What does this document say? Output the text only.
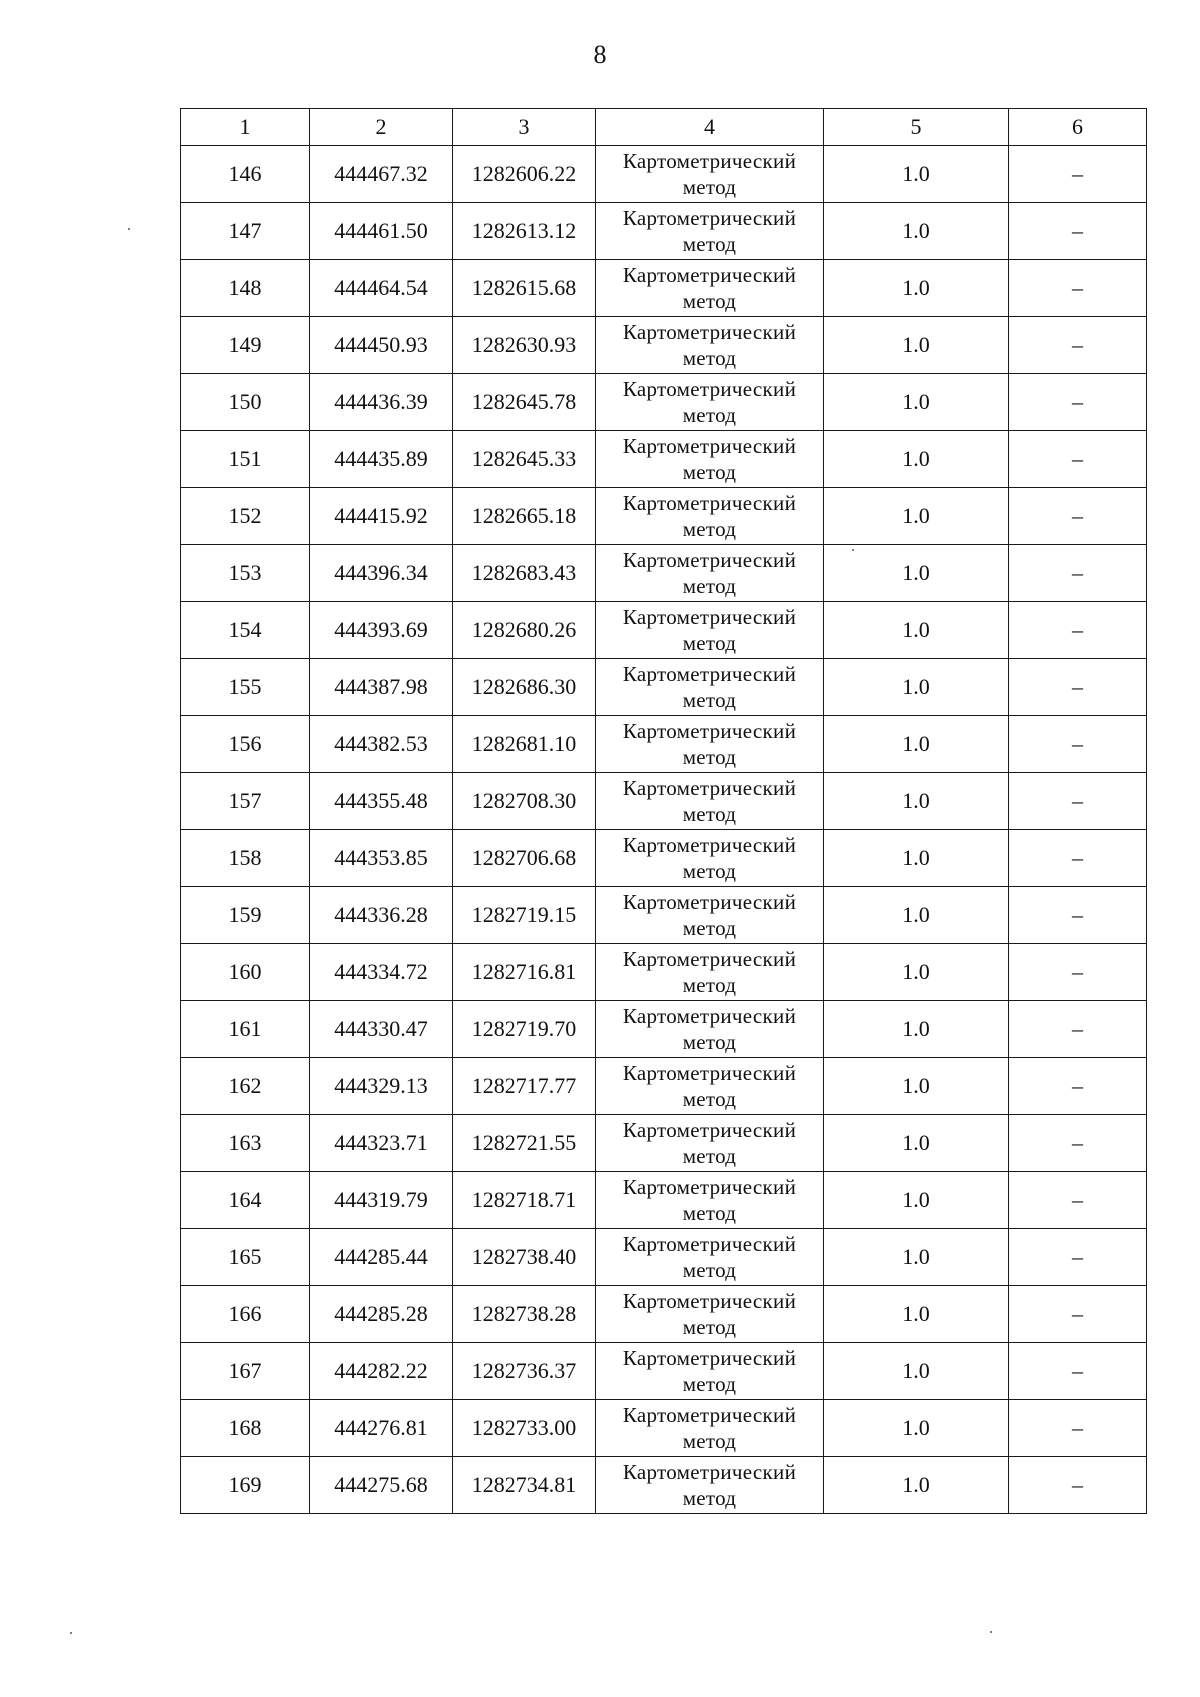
8
1	2	3	4	5	6
146	444467.32	1282606.22	Картометрический метод	1.0	–
147	444461.50	1282613.12	Картометрический метод	1.0	–
148	444464.54	1282615.68	Картометрический метод	1.0	–
149	444450.93	1282630.93	Картометрический метод	1.0	–
150	444436.39	1282645.78	Картометрический метод	1.0	–
151	444435.89	1282645.33	Картометрический метод	1.0	–
152	444415.92	1282665.18	Картометрический метод	1.0	–
153	444396.34	1282683.43	Картометрический метод	1.0	–
154	444393.69	1282680.26	Картометрический метод	1.0	–
155	444387.98	1282686.30	Картометрический метод	1.0	–
156	444382.53	1282681.10	Картометрический метод	1.0	–
157	444355.48	1282708.30	Картометрический метод	1.0	–
158	444353.85	1282706.68	Картометрический метод	1.0	–
159	444336.28	1282719.15	Картометрический метод	1.0	–
160	444334.72	1282716.81	Картометрический метод	1.0	–
161	444330.47	1282719.70	Картометрический метод	1.0	–
162	444329.13	1282717.77	Картометрический метод	1.0	–
163	444323.71	1282721.55	Картометрический метод	1.0	–
164	444319.79	1282718.71	Картометрический метод	1.0	–
165	444285.44	1282738.40	Картометрический метод	1.0	–
166	444285.28	1282738.28	Картометрический метод	1.0	–
167	444282.22	1282736.37	Картометрический метод	1.0	–
168	444276.81	1282733.00	Картометрический метод	1.0	–
169	444275.68	1282734.81	Картометрический метод	1.0	–
